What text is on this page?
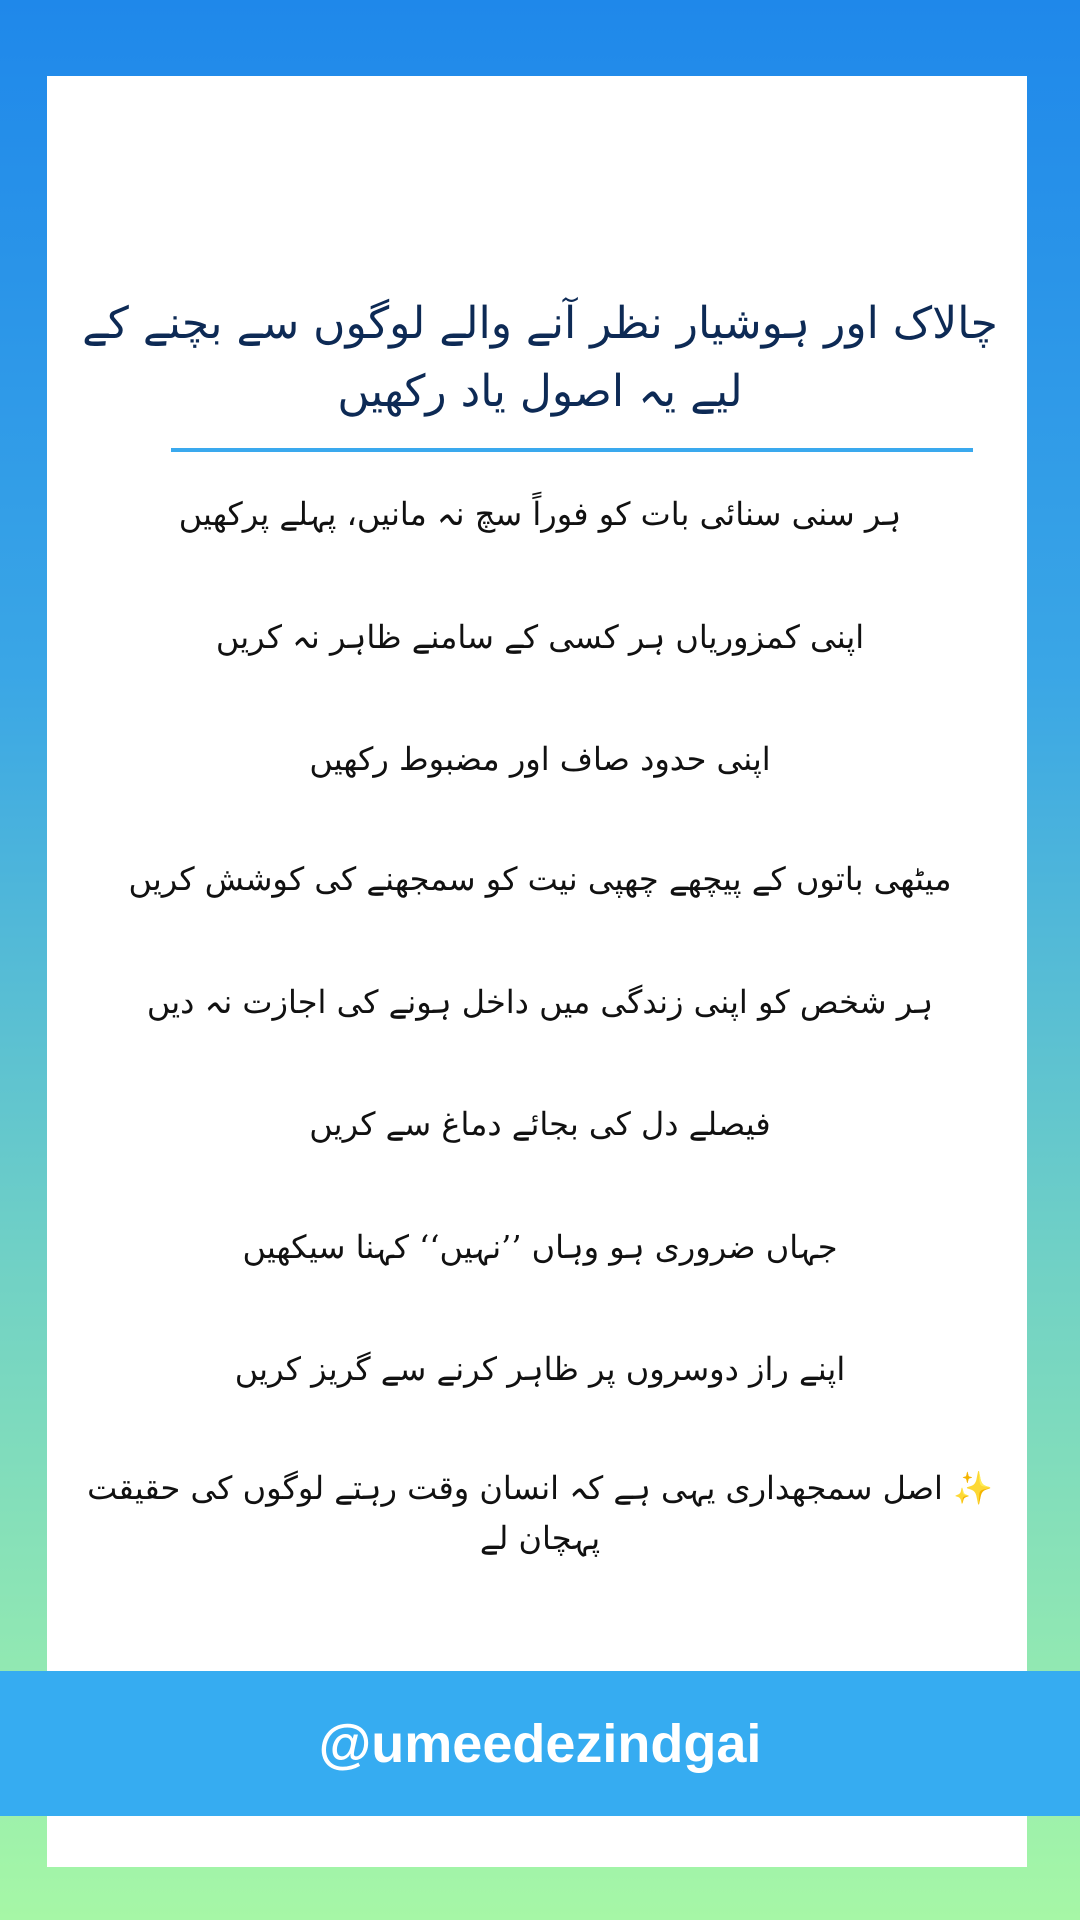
چالاک اور ہوشیار نظر آنے والے لوگوں سے بچنے کے لیے یہ اصول یاد رکھیں
ہر سنی سنائی بات کو فوراً سچ نہ مانیں، پہلے پرکھیں
اپنی کمزوریاں ہر کسی کے سامنے ظاہر نہ کریں
اپنی حدود صاف اور مضبوط رکھیں
میٹھی باتوں کے پیچھے چھپی نیت کو سمجھنے کی کوشش کریں
ہر شخص کو اپنی زندگی میں داخل ہونے کی اجازت نہ دیں
فیصلے دل کی بجائے دماغ سے کریں
جہاں ضروری ہو وہاں ’’نہیں‘‘ کہنا سیکھیں
اپنے راز دوسروں پر ظاہر کرنے سے گریز کریں
✨ اصل سمجھداری یہی ہے کہ انسان وقت رہتے لوگوں کی حقیقت پہچان لے
@umeedezindgai
